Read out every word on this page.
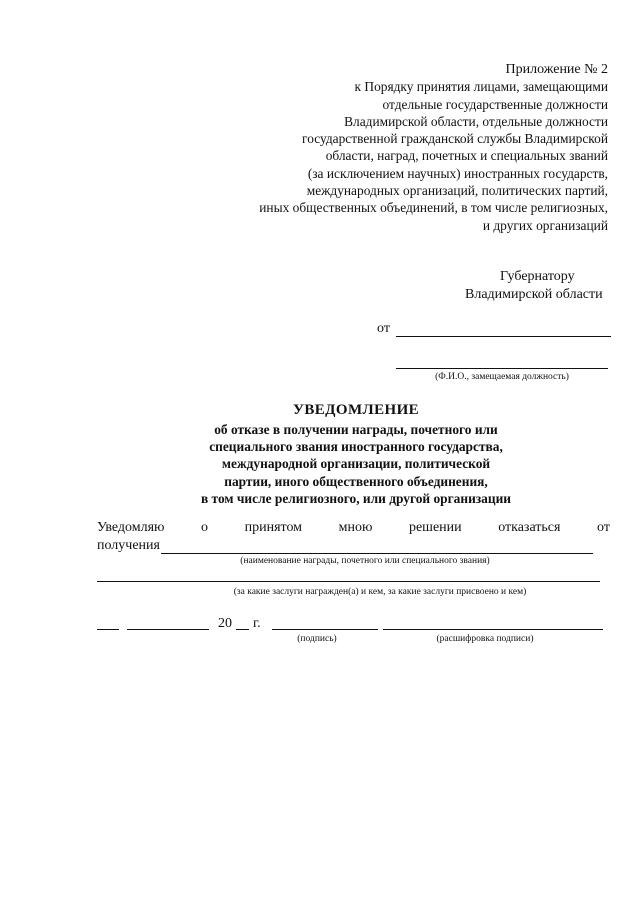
Приложение № 2
к Порядку принятия лицами, замещающими
отдельные государственные должности
Владимирской области, отдельные должности
государственной гражданской службы Владимирской
области, наград, почетных и специальных званий
(за исключением научных) иностранных государств,
международных организаций, политических партий,
иных общественных объединений, в том числе религиозных,
и других организаций
Губернатору
Владимирской области
от
(Ф.И.О., замещаемая должность)
УВЕДОМЛЕНИЕ
об отказе в получении награды, почетного или
специального звания иностранного государства,
международной организации, политической
партии, иного общественного объединения,
в том числе религиозного, или другой организации
Уведомляю	о	принятом	мною	решении	отказаться	от
получения
(наименование награды, почетного или специального звания)
(за какие заслуги награжден(а) и кем, за какие заслуги присвоено и кем)
20 г.
(подпись)	(расшифровка подписи)
